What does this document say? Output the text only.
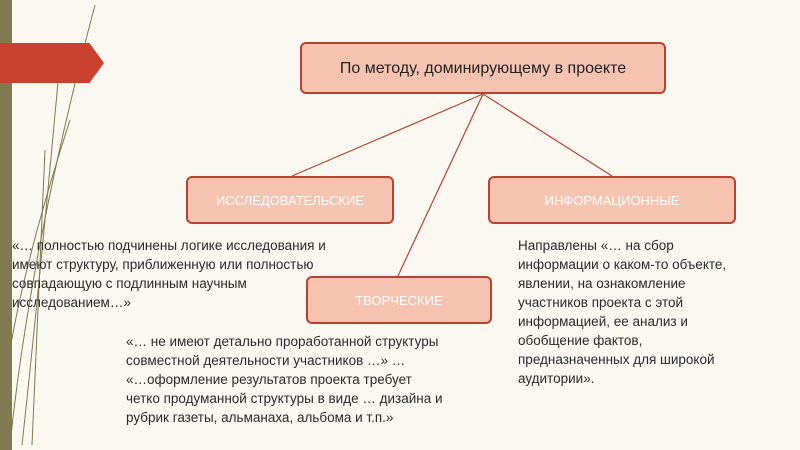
По методу, доминирующему в проекте
ИССЛЕДОВАТЕЛЬСКИЕ	ИНФОРМАЦИОННЫЕ

«… полностью подчинены логике исследования и
имеют структуру, приближенную или полностью
совпадающую с подлинным научным
исследованием…»

Направлены «… на сбор
информации о каком-то объекте,
явлении, на ознакомление
участников проекта с этой
информацией, ее анализ и
обобщение фактов,
предназначенных для широкой
аудитории».

ТВОРЧЕСКИЕ

«… не имеют детально проработанной структуры
совместной деятельности участников …» …
«…оформление результатов проекта требует
четко продуманной структуры в виде … дизайна и
рубрик газеты, альманаха, альбома и т.п.»
